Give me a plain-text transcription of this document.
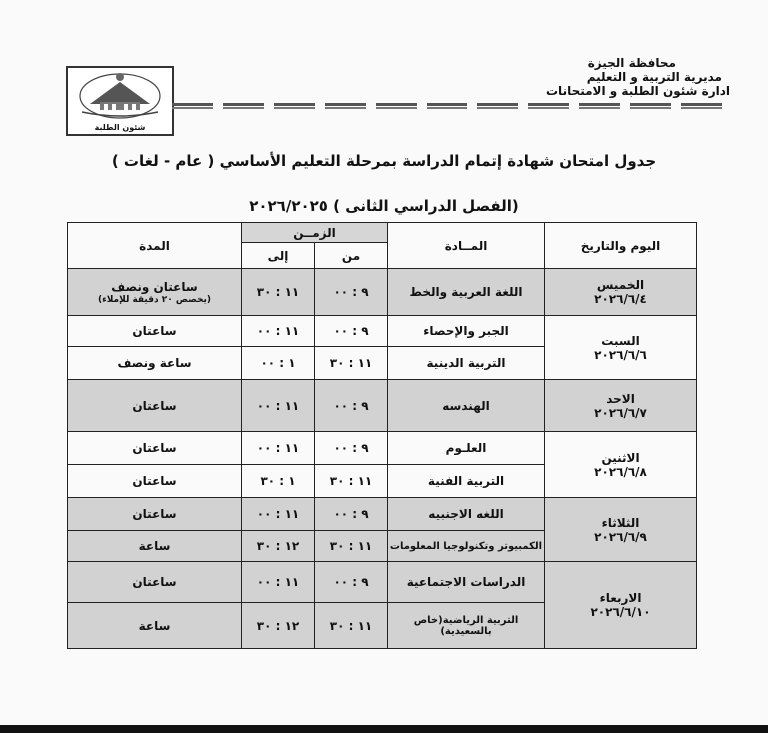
محافظة الجيزة
مديرية التربية و التعليم
ادارة شئون الطلبة و الامتحانات
شئون الطلبة
جدول امتحان شهادة إتمام الدراسة بمرحلة التعليم الأساسي ( عام - لغات )
(الفصل الدراسي الثانى ) ٢٠٢٦/٢٠٢٥
اليوم والتاريخ	المــادة	الزمــن		المدة
		من	إلى	

الخميس
٢٠٢٦/٦/٤	اللغة العربية والخط	٩ : ٠٠	١١ : ٣٠	ساعتان ونصف
(يخصص ٢٠ دقيقة للإملاء)

السبت
٢٠٢٦/٦/٦	الجبر والإحصاء	٩ : ٠٠	١١ : ٠٠	ساعتان
	التربية الدينية	١١ : ٣٠	١ : ٠٠	ساعة ونصف

الاحد
٢٠٢٦/٦/٧	الهندسه	٩ : ٠٠	١١ : ٠٠	ساعتان

الاثنين
٢٠٢٦/٦/٨	العلـوم	٩ : ٠٠	١١ : ٠٠	ساعتان
	التربية الفنية	١١ : ٣٠	١ : ٣٠	ساعتان

الثلاثاء
٢٠٢٦/٦/٩	اللغه الاجنبيه	٩ : ٠٠	١١ : ٠٠	ساعتان
	الكمبيوتر وتكنولوجيا المعلومات	١١ : ٣٠	١٢ : ٣٠	ساعة

الاربعاء
٢٠٢٦/٦/١٠	الدراسات الاجتماعية	٩ : ٠٠	١١ : ٠٠	ساعتان
	التربية الرياضية(خاص بالسعيدية)	١١ : ٣٠	١٢ : ٣٠	ساعة
